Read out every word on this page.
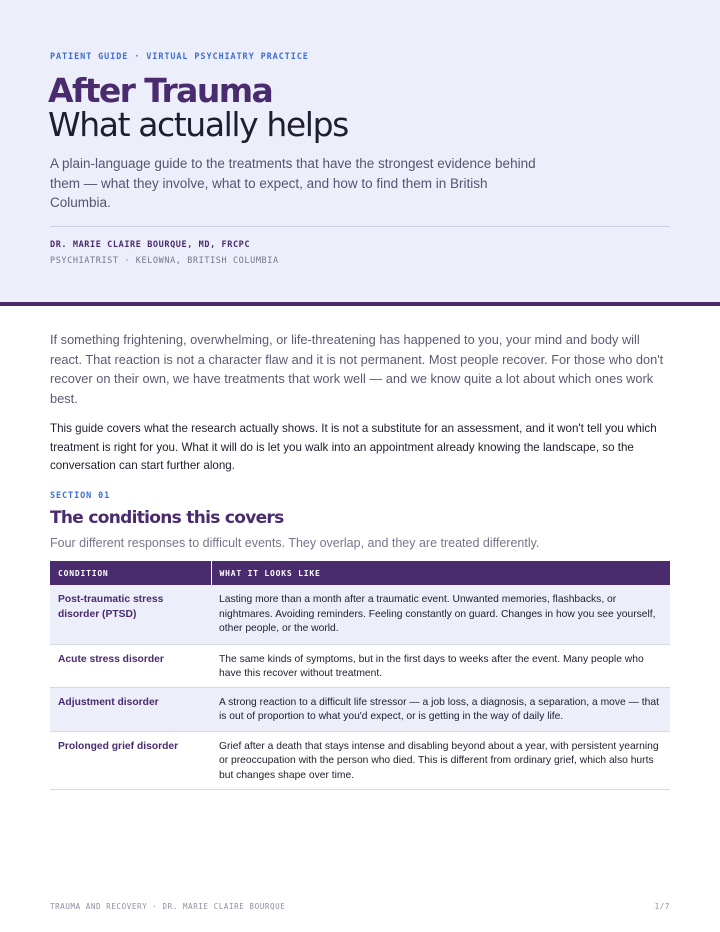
PATIENT GUIDE · VIRTUAL PSYCHIATRY PRACTICE
After Trauma
What actually helps

A plain-language guide to the treatments that have the strongest evidence behind them — what they involve, what to expect, and how to find them in British Columbia.

DR. MARIE CLAIRE BOURQUE, MD, FRCPC
PSYCHIATRIST · KELOWNA, BRITISH COLUMBIA

If something frightening, overwhelming, or life-threatening has happened to you, your mind and body will react. That reaction is not a character flaw and it is not permanent. Most people recover. For those who don't recover on their own, we have treatments that work well — and we know quite a lot about which ones work best.

This guide covers what the research actually shows. It is not a substitute for an assessment, and it won't tell you which treatment is right for you. What it will do is let you walk into an appointment already knowing the landscape, so the conversation can start further along.

SECTION 01
The conditions this covers
Four different responses to difficult events. They overlap, and they are treated differently.
CONDITION	WHAT IT LOOKS LIKE
Post-traumatic stress disorder (PTSD)	Lasting more than a month after a traumatic event. Unwanted memories, flashbacks, or nightmares. Avoiding reminders. Feeling constantly on guard. Changes in how you see yourself, other people, or the world.
Acute stress disorder	The same kinds of symptoms, but in the first days to weeks after the event. Many people who have this recover without treatment.
Adjustment disorder	A strong reaction to a difficult life stressor — a job loss, a diagnosis, a separation, a move — that is out of proportion to what you'd expect, or is getting in the way of daily life.
Prolonged grief disorder	Grief after a death that stays intense and disabling beyond about a year, with persistent yearning or preoccupation with the person who died. This is different from ordinary grief, which also hurts but changes shape over time.
TRAUMA AND RECOVERY · DR. MARIE CLAIRE BOURQUE	1/7
